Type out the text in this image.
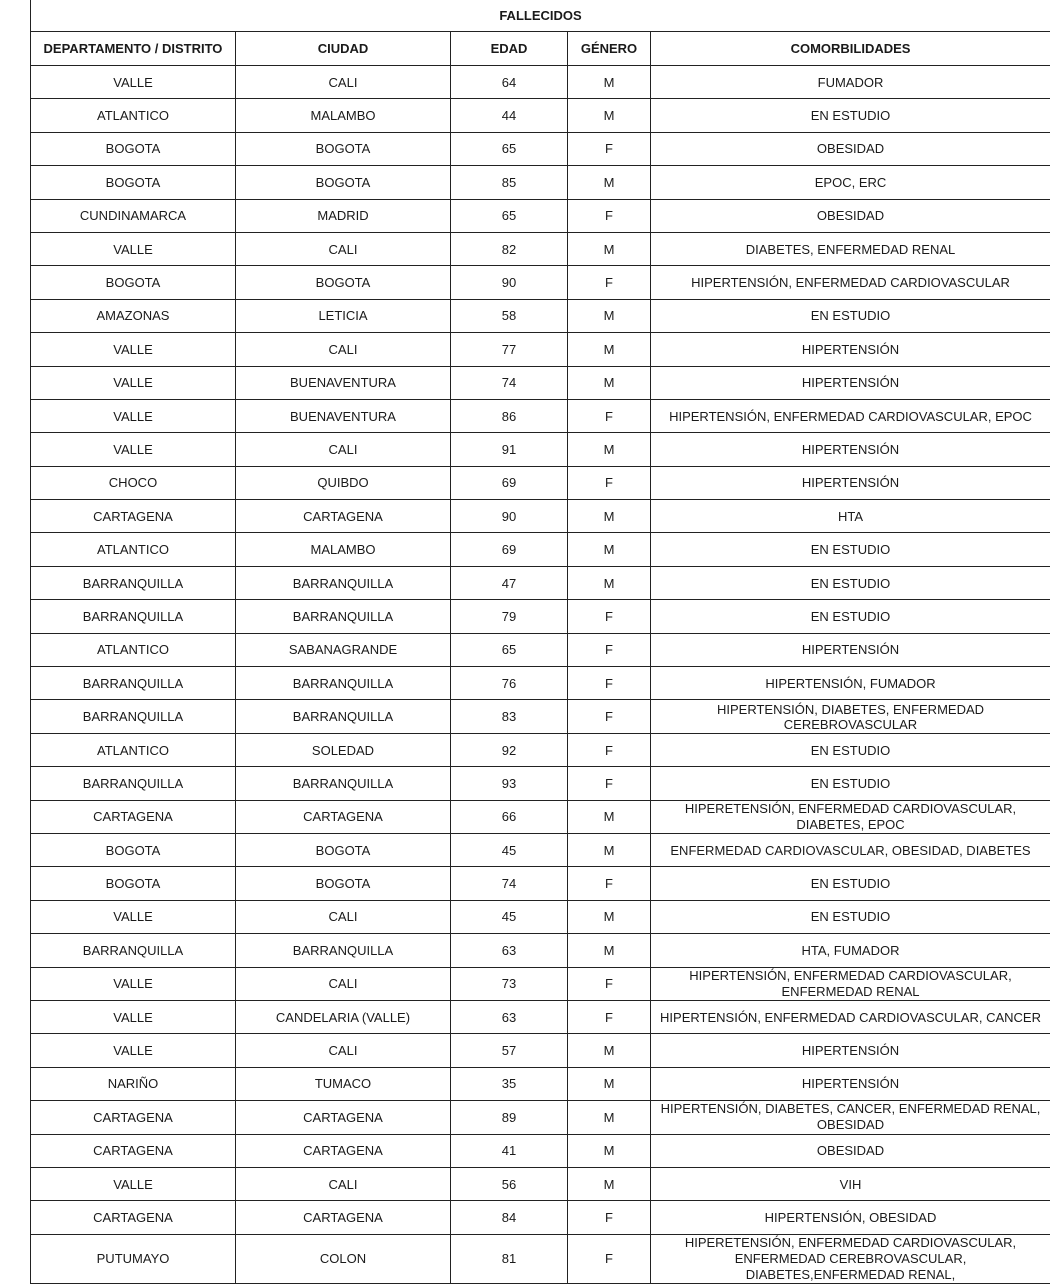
FALLECIDOS				
DEPARTAMENTO / DISTRITO	CIUDAD	EDAD	GÉNERO	COMORBILIDADES
VALLE	CALI	64	M	FUMADOR
ATLANTICO	MALAMBO	44	M	EN ESTUDIO
BOGOTA	BOGOTA	65	F	OBESIDAD
BOGOTA	BOGOTA	85	M	EPOC, ERC
CUNDINAMARCA	MADRID	65	F	OBESIDAD
VALLE	CALI	82	M	DIABETES, ENFERMEDAD RENAL
BOGOTA	BOGOTA	90	F	HIPERTENSIÓN, ENFERMEDAD CARDIOVASCULAR
AMAZONAS	LETICIA	58	M	EN ESTUDIO
VALLE	CALI	77	M	HIPERTENSIÓN
VALLE	BUENAVENTURA	74	M	HIPERTENSIÓN
VALLE	BUENAVENTURA	86	F	HIPERTENSIÓN, ENFERMEDAD CARDIOVASCULAR, EPOC
VALLE	CALI	91	M	HIPERTENSIÓN
CHOCO	QUIBDO	69	F	HIPERTENSIÓN
CARTAGENA	CARTAGENA	90	M	HTA
ATLANTICO	MALAMBO	69	M	EN ESTUDIO
BARRANQUILLA	BARRANQUILLA	47	M	EN ESTUDIO
BARRANQUILLA	BARRANQUILLA	79	F	EN ESTUDIO
ATLANTICO	SABANAGRANDE	65	F	HIPERTENSIÓN
BARRANQUILLA	BARRANQUILLA	76	F	HIPERTENSIÓN, FUMADOR
BARRANQUILLA	BARRANQUILLA	83	F	HIPERTENSIÓN, DIABETES, ENFERMEDAD CEREBROVASCULAR
ATLANTICO	SOLEDAD	92	F	EN ESTUDIO
BARRANQUILLA	BARRANQUILLA	93	F	EN ESTUDIO
CARTAGENA	CARTAGENA	66	M	HIPERETENSIÓN, ENFERMEDAD CARDIOVASCULAR, DIABETES, EPOC
BOGOTA	BOGOTA	45	M	ENFERMEDAD CARDIOVASCULAR, OBESIDAD, DIABETES
BOGOTA	BOGOTA	74	F	EN ESTUDIO
VALLE	CALI	45	M	EN ESTUDIO
BARRANQUILLA	BARRANQUILLA	63	M	HTA, FUMADOR
VALLE	CALI	73	F	HIPERTENSIÓN, ENFERMEDAD CARDIOVASCULAR, ENFERMEDAD RENAL
VALLE	CANDELARIA (VALLE)	63	F	HIPERTENSIÓN, ENFERMEDAD CARDIOVASCULAR, CANCER
VALLE	CALI	57	M	HIPERTENSIÓN
NARIÑO	TUMACO	35	M	HIPERTENSIÓN
CARTAGENA	CARTAGENA	89	M	HIPERTENSIÓN, DIABETES, CANCER, ENFERMEDAD RENAL, OBESIDAD
CARTAGENA	CARTAGENA	41	M	OBESIDAD
VALLE	CALI	56	M	VIH
CARTAGENA	CARTAGENA	84	F	HIPERTENSIÓN, OBESIDAD
PUTUMAYO	COLON	81	F	HIPERETENSIÓN, ENFERMEDAD CARDIOVASCULAR, ENFERMEDAD CEREBROVASCULAR, DIABETES,ENFERMEDAD RENAL,
